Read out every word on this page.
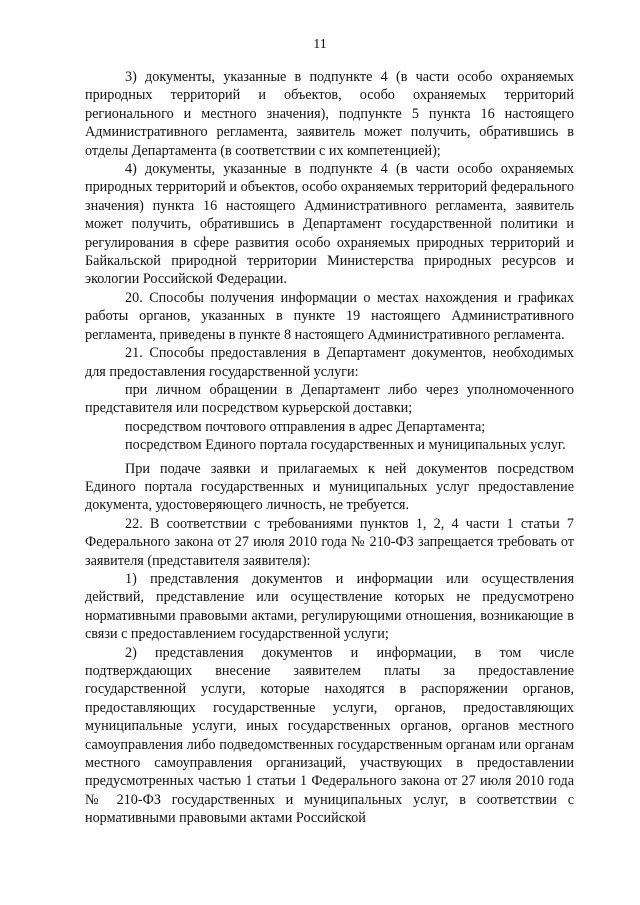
11

3) документы, указанные в подпункте 4 (в части особо охраняемых природных территорий и объектов, особо охраняемых территорий регионального и местного значения), подпункте 5 пункта 16 настоящего Административного регламента, заявитель может получить, обратившись в отделы Департамента (в соответствии с их компетенцией);

4) документы, указанные в подпункте 4 (в части особо охраняемых природных территорий и объектов, особо охраняемых территорий федерального значения) пункта 16 настоящего Административного регламента, заявитель может получить, обратившись в Департамент государственной политики и регулирования в сфере развития особо охраняемых природных территорий и Байкальской природной территории Министерства природных ресурсов и экологии Российской Федерации.

20. Способы получения информации о местах нахождения и графиках работы органов, указанных в пункте 19 настоящего Административного регламента, приведены в пункте 8 настоящего Административного регламента.

21. Способы предоставления в Департамент документов, необходимых для предоставления государственной услуги:

при личном обращении в Департамент либо через уполномоченного представителя или посредством курьерской доставки;

посредством почтового отправления в адрес Департамента;

посредством Единого портала государственных и муниципальных услуг.

При подаче заявки и прилагаемых к ней документов посредством Единого портала государственных и муниципальных услуг предоставление документа, удостоверяющего личность, не требуется.

22. В соответствии с требованиями пунктов 1, 2, 4 части 1 статьи 7 Федерального закона от 27 июля 2010 года № 210-ФЗ запрещается требовать от заявителя (представителя заявителя):

1) представления документов и информации или осуществления действий, представление или осуществление которых не предусмотрено нормативными правовыми актами, регулирующими отношения, возникающие в связи с предоставлением государственной услуги;

2) представления документов и информации, в том числе подтверждающих внесение заявителем платы за предоставление государственной услуги, которые находятся в распоряжении органов, предоставляющих государственные услуги, органов, предоставляющих муниципальные услуги, иных государственных органов, органов местного самоуправления либо подведомственных государственным органам или органам местного самоуправления организаций, участвующих в предоставлении предусмотренных частью 1 статьи 1 Федерального закона от 27 июля 2010 года № 210-ФЗ государственных и муниципальных услуг, в соответствии с нормативными правовыми актами Российской
